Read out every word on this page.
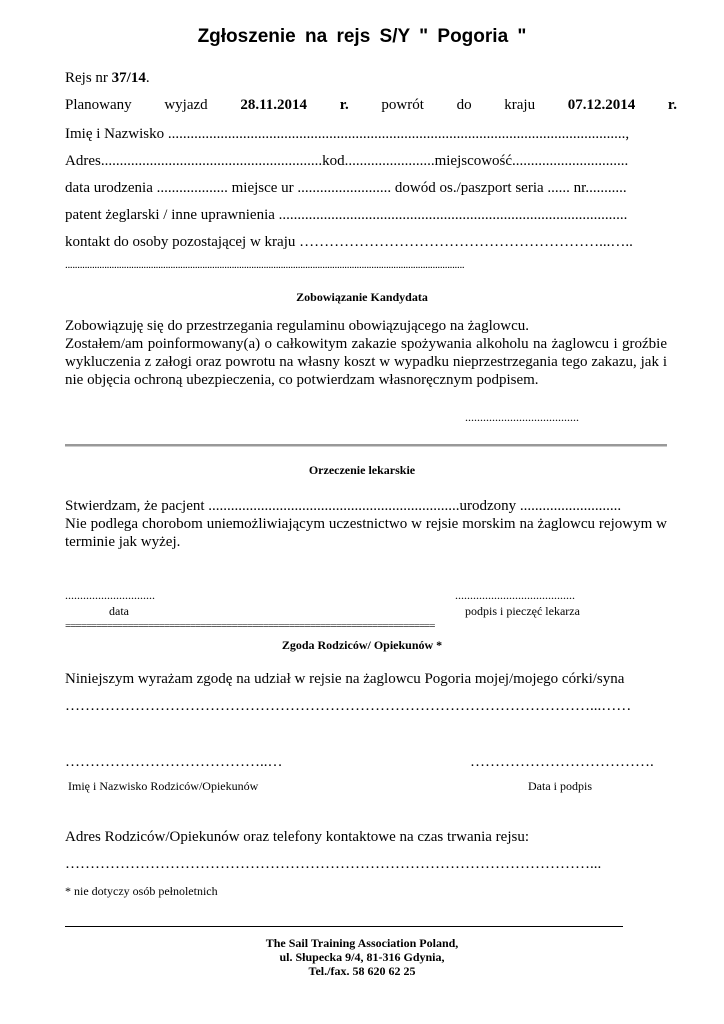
Zgłoszenie na rejs S/Y " Pogoria "
Rejs nr 37/14.
Planowany wyjazd 28.11.2014 r. powrót do kraju 07.12.2014 r.
Imię i Nazwisko ..........................................................................................................................,
Adres...........................................................kod........................miejscowość...............................
data urodzenia ................... miejsce ur ......................... dowód os./paszport seria ...... nr...........
patent żeglarski / inne uprawnienia .............................................................................................
kontakt do osoby pozostającej w kraju ……………………………………………………...…..
...................................................................................................................................................................
Zobowiązanie Kandydata
Zobowiązuję się do przestrzegania regulaminu obowiązującego na żaglowcu.
Zostałem/am poinformowany(a) o całkowitym zakazie spożywania alkoholu na żaglowcu i groźbie wykluczenia z załogi oraz powrotu na własny koszt w wypadku nieprzestrzegania tego zakazu, jak i nie objęcia ochroną ubezpieczenia, co potwierdzam własnoręcznym podpisem.
......................................
Orzeczenie lekarskie
Stwierdzam, że pacjent ...................................................................urodzony ...........................
Nie podlega chorobom uniemożliwiającym uczestnictwo w rejsie morskim na żaglowcu rejowym w terminie jak wyżej.
..............................	........................................
data	podpis i pieczęć lekarza
=======================================================================
Zgoda Rodziców/ Opiekunów *
Niniejszym wyrażam zgodę na udział w rejsie na żaglowcu Pogoria mojej/mojego córki/syna
……………………………………………………………………………………………...……
…………………………………..…	……………………………….
Imię i Nazwisko Rodziców/Opiekunów	Data i podpis
Adres Rodziców/Opiekunów oraz telefony kontaktowe na czas trwania rejsu:
……………………………………………………………………………………………...
* nie dotyczy osób pełnoletnich
The Sail Training Association Poland,
ul. Słupecka 9/4, 81-316 Gdynia,
Tel./fax. 58 620 62 25
